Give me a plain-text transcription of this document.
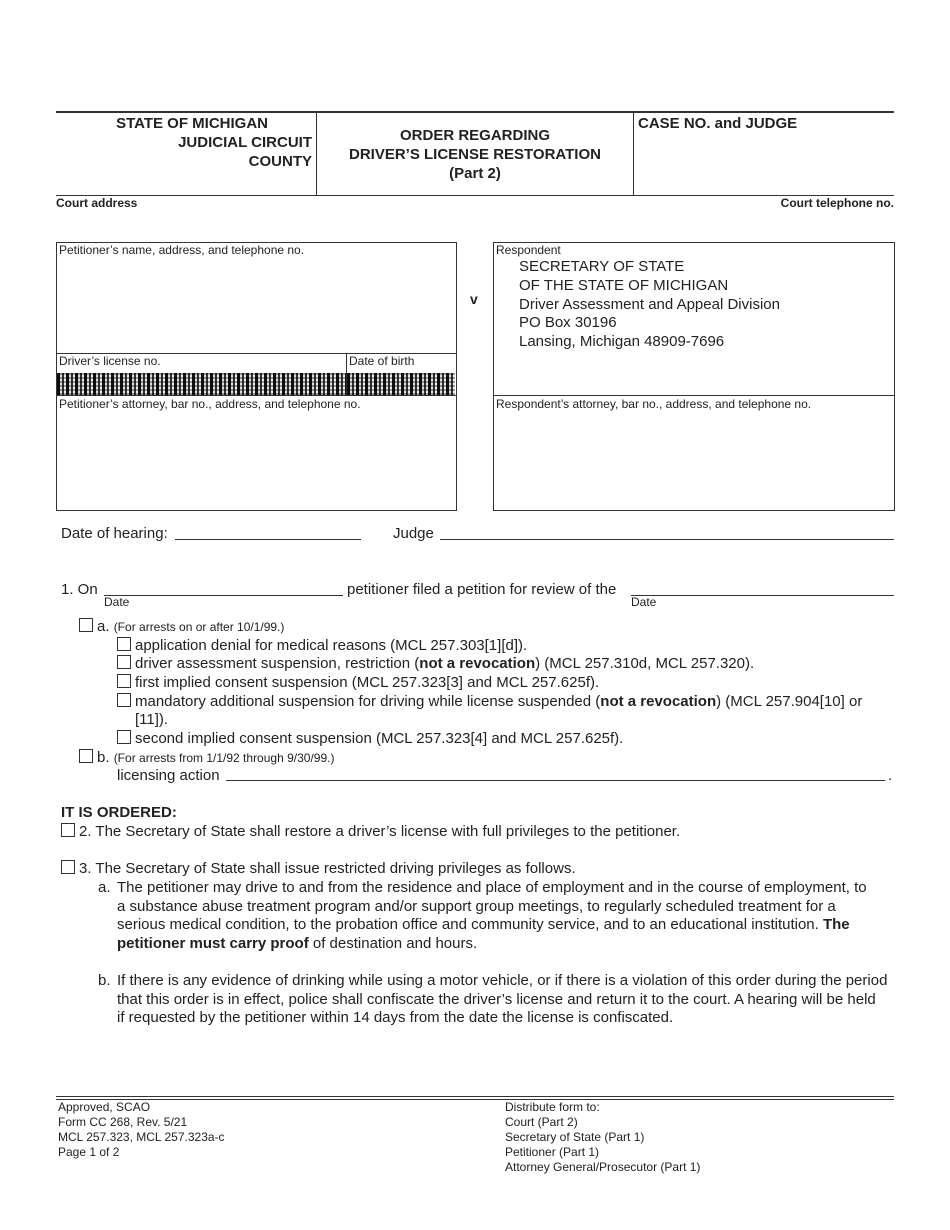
STATE OF MICHIGAN
JUDICIAL CIRCUIT
COUNTY
ORDER REGARDING
DRIVER’S LICENSE RESTORATION
(Part 2)
CASE NO. and JUDGE
Court address	Court telephone no.
Petitioner’s name, address, and telephone no.
Driver’s license no.	Date of birth
Petitioner’s attorney, bar no., address, and telephone no.
v
Respondent
SECRETARY OF STATE
OF THE STATE OF MICHIGAN
Driver Assessment and Appeal Division
PO Box 30196
Lansing, Michigan 48909-7696
Respondent’s attorney, bar no., address, and telephone no.
Date of hearing:	Judge
1. On
Date
petitioner filed a petition for review of the
Date
a. (For arrests on or after 10/1/99.)
application denial for medical reasons (MCL 257.303[1][d]).
driver assessment suspension, restriction (not a revocation) (MCL 257.310d, MCL 257.320).
first implied consent suspension (MCL 257.323[3] and MCL 257.625f).
mandatory additional suspension for driving while license suspended (not a revocation) (MCL 257.904[10] or
[11]).
second implied consent suspension (MCL 257.323[4] and MCL 257.625f).
b. (For arrests from 1/1/92 through 9/30/99.)
licensing action	.
IT IS ORDERED:
2. The Secretary of State shall restore a driver’s license with full privileges to the petitioner.
3. The Secretary of State shall issue restricted driving privileges as follows.
a. The petitioner may drive to and from the residence and place of employment and in the course of employment, to
a substance abuse treatment program and/or support group meetings, to regularly scheduled treatment for a
serious medical condition, to the probation office and community service, and to an educational institution. The
petitioner must carry proof of destination and hours.
b. If there is any evidence of drinking while using a motor vehicle, or if there is a violation of this order during the period
that this order is in effect, police shall confiscate the driver’s license and return it to the court. A hearing will be held
if requested by the petitioner within 14 days from the date the license is confiscated.
Approved, SCAO
Form CC 268, Rev. 5/21
MCL 257.323, MCL 257.323a-c
Page 1 of 2
Distribute form to:
Court (Part 2)
Secretary of State (Part 1)
Petitioner (Part 1)
Attorney General/Prosecutor (Part 1)
